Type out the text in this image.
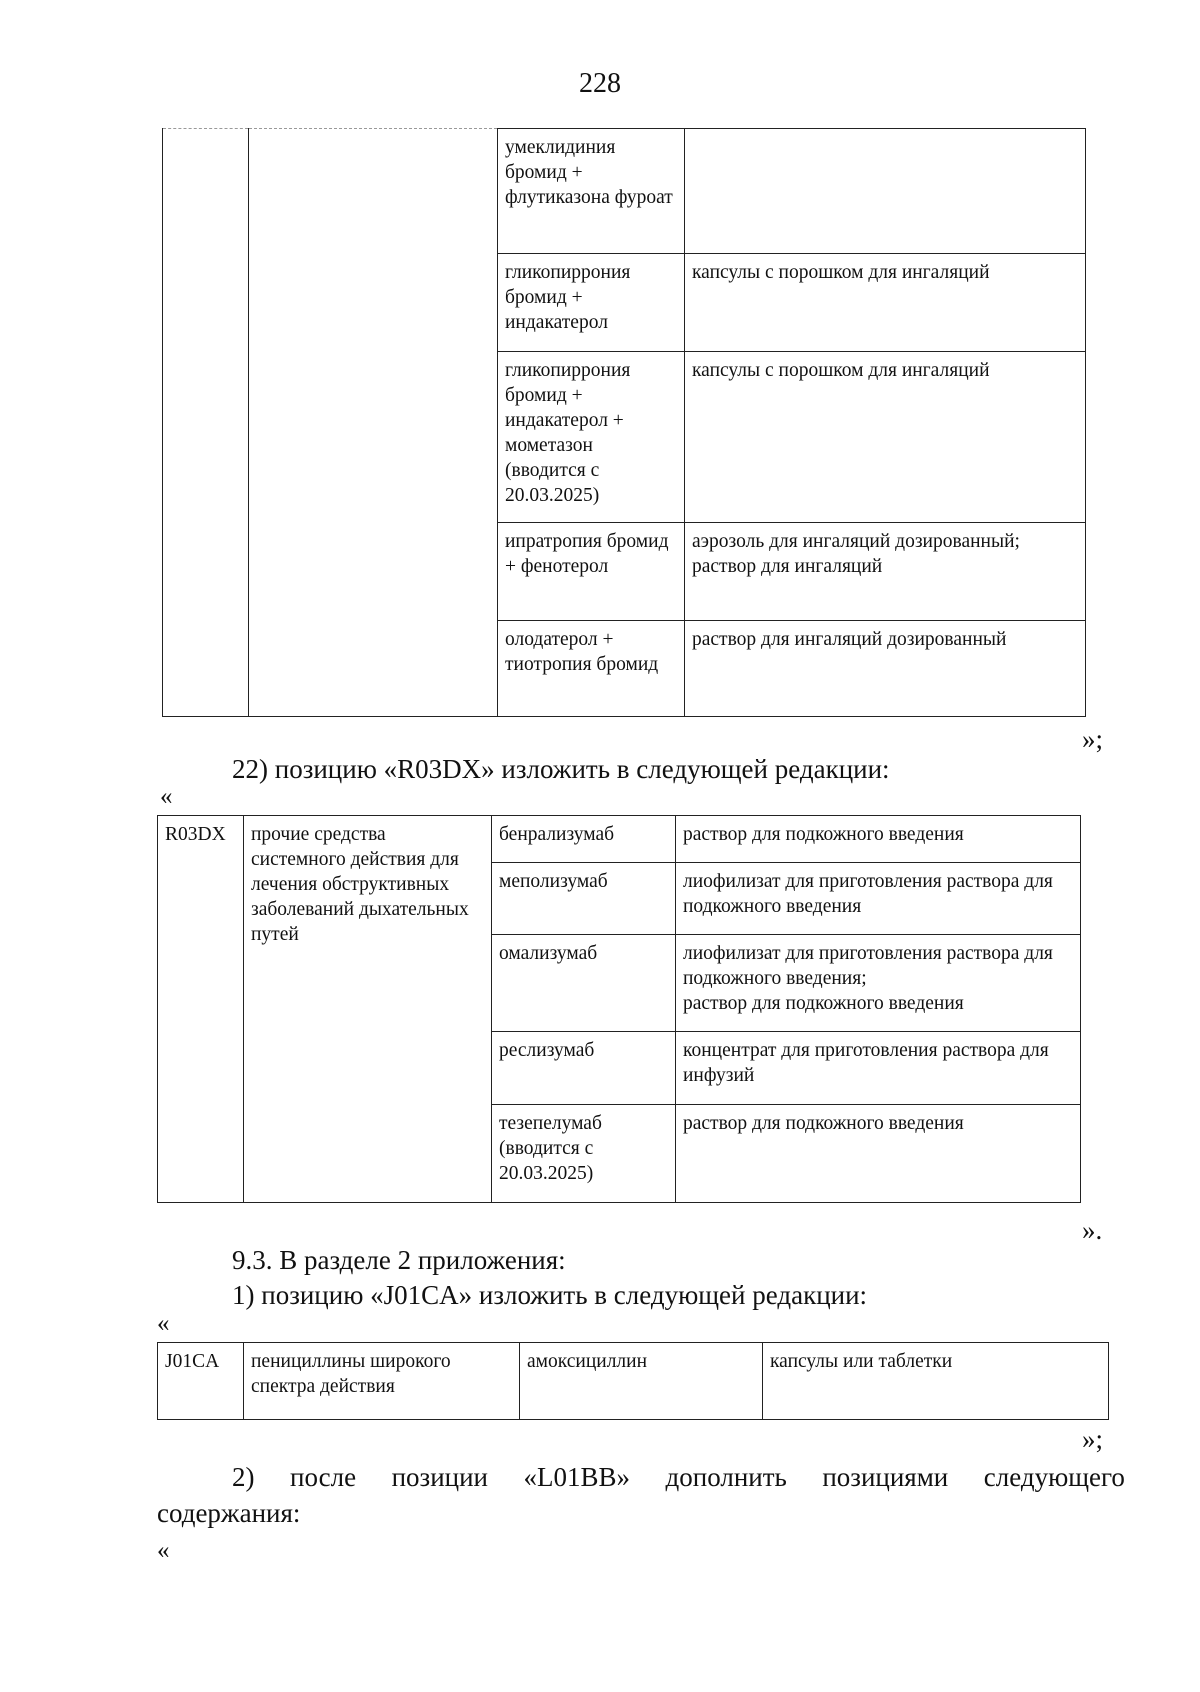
228
		умеклидиния бромид + флутиказона фуроат	
		гликопиррония бромид + индакатерол	капсулы с порошком для ингаляций
		гликопиррония бромид + индакатерол + мометазон (вводится с 20.03.2025)	капсулы с порошком для ингаляций
		ипратропия бромид + фенотерол	аэрозоль для ингаляций дозированный; раствор для ингаляций
		олодатерол + тиотропия бромид	раствор для ингаляций дозированный
»;
22) позицию «R03DX» изложить в следующей редакции:
«
R03DX	прочие средства системного действия для лечения обструктивных заболеваний дыхательных путей	бенрализумаб	раствор для подкожного введения
		меполизумаб	лиофилизат для приготовления раствора для подкожного введения
		омализумаб	лиофилизат для приготовления раствора для подкожного введения;
раствор для подкожного введения
		реслизумаб	концентрат для приготовления раствора для инфузий
		тезепелумаб (вводится с 20.03.2025)	раствор для подкожного введения
».
9.3. В разделе 2 приложения:
1) позицию «J01CA» изложить в следующей редакции:
«
J01CA	пенициллины широкого спектра действия	амоксициллин	капсулы или таблетки
»;
2) после позиции «L01BB» дополнить позициями следующего
содержания:
«
